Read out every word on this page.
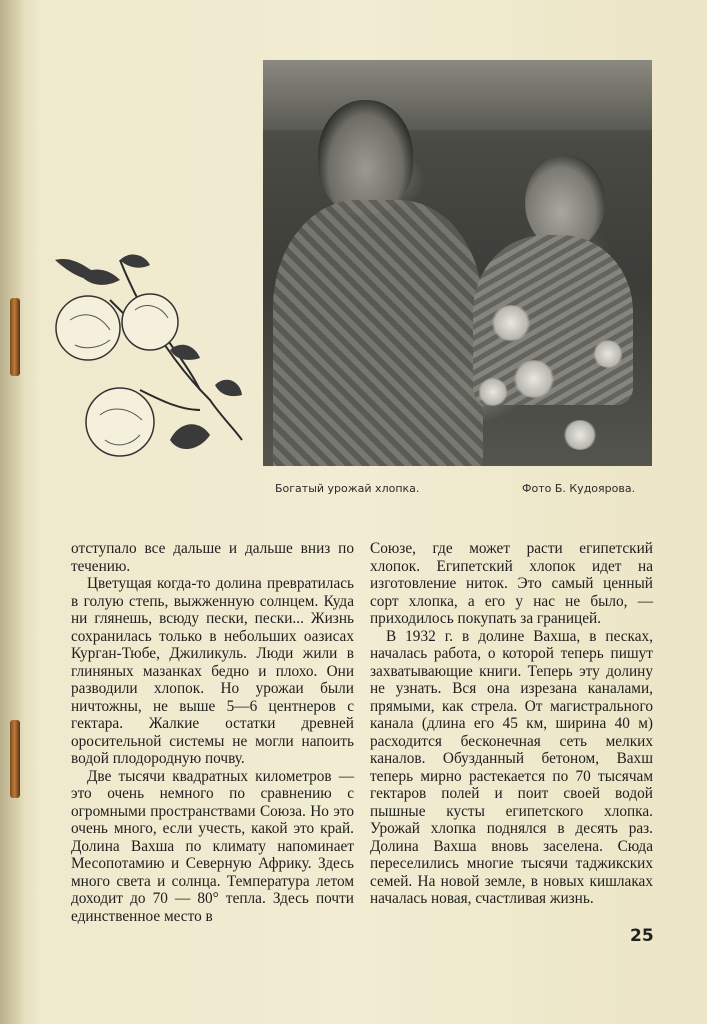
Богатый урожай хлопка.	Фото Б. Кудоярова.

отступало все дальше и дальше вниз по течению.

Цветущая когда-то долина превратилась в голую степь, выжженную солнцем. Куда ни глянешь, всюду пески, пески... Жизнь сохранилась только в небольших оазисах Курган-Тюбе, Джиликуль. Люди жили в глиняных мазанках бедно и плохо. Они разводили хлопок. Но урожаи были ничтожны, не выше 5—6 центнеров с гектара. Жалкие остатки древней оросительной системы не могли напоить водой плодородную почву.

Две тысячи квадратных километров — это очень немного по сравнению с огромными пространствами Союза. Но это очень много, если учесть, какой это край. Долина Вахша по климату напоминает Месопотамию и Северную Африку. Здесь много света и солнца. Температура летом доходит до 70 — 80° тепла. Здесь почти единственное место в

Союзе, где может расти египетский хлопок. Египетский хлопок идет на изготовление ниток. Это самый ценный сорт хлопка, а его у нас не было, — приходилось покупать за границей.

В 1932 г. в долине Вахша, в песках, началась работа, о которой теперь пишут захватывающие книги. Теперь эту долину не узнать. Вся она изрезана каналами, прямыми, как стрела. От магистрального канала (длина его 45 км, ширина 40 м) расходится бесконечная сеть мелких каналов. Обузданный бетоном, Вахш теперь мирно растекается по 70 тысячам гектаров полей и поит своей водой пышные кусты египетского хлопка. Урожай хлопка поднялся в десять раз. Долина Вахша вновь заселена. Сюда переселились многие тысячи таджикских семей. На новой земле, в новых кишлаках началась новая, счастливая жизнь.

25
